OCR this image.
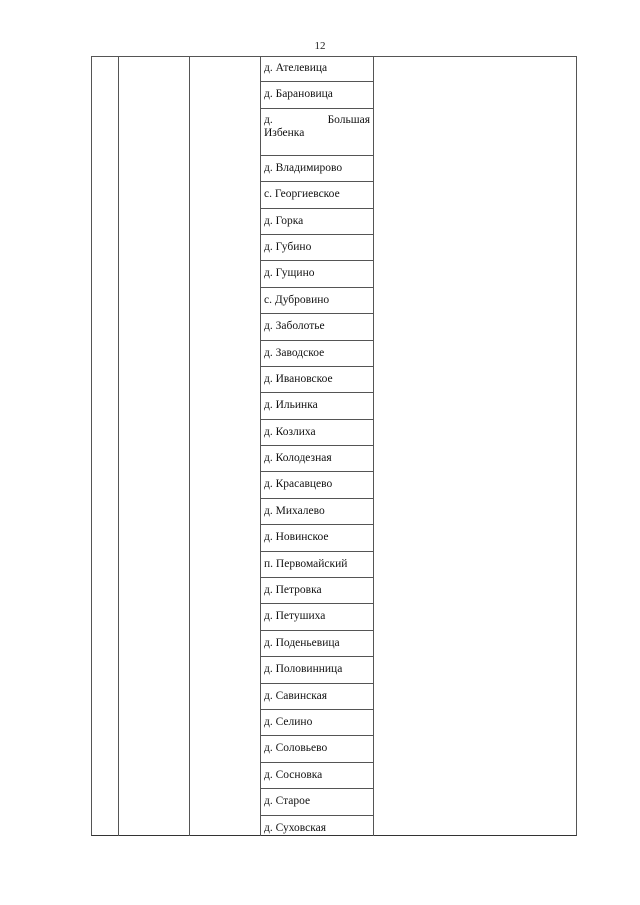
12
д. Ателевица
д. Барановица
д.	Большая
Избенка
д. Владимирово
с. Георгиевское
д. Горка
д. Губино
д. Гущино
с. Дубровино
д. Заболотье
д. Заводское
д. Ивановское
д. Ильинка
д. Козлиха
д. Колодезная
д. Красавцево
д. Михалево
д. Новинское
п. Первомайский
д. Петровка
д. Петушиха
д. Поденьевица
д. Половинница
д. Савинская
д. Селино
д. Соловьево
д. Сосновка
д. Старое
д. Суховская
